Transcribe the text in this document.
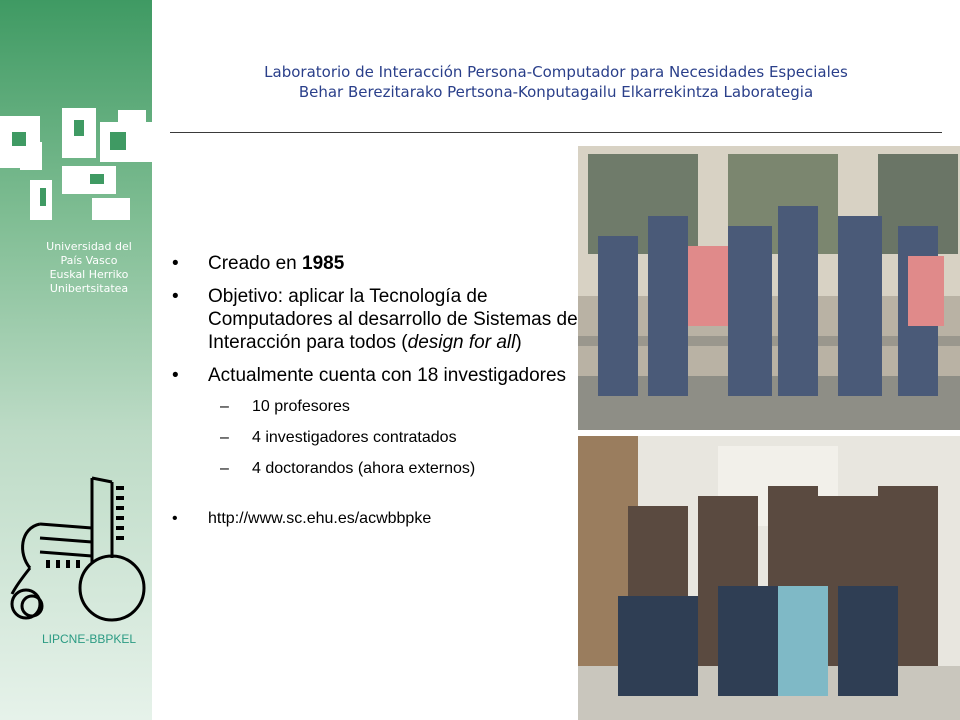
Universidad del
País Vasco
Euskal Herriko
Unibertsitatea
LIPCNE-BBPKEL
Laboratorio de Interacción Persona-Computador para Necesidades Especiales
Behar Berezitarako Pertsona-Konputagailu Elkarrekintza Laborategia
• Creado en 1985
• Objetivo: aplicar la Tecnología de Computadores al desarrollo de Sistemas de Interacción para todos (design for all)
• Actualmente cuenta con 18 investigadores
– 10 profesores
– 4 investigadores contratados
– 4 doctorandos (ahora externos)
• http://www.sc.ehu.es/acwbbpke
